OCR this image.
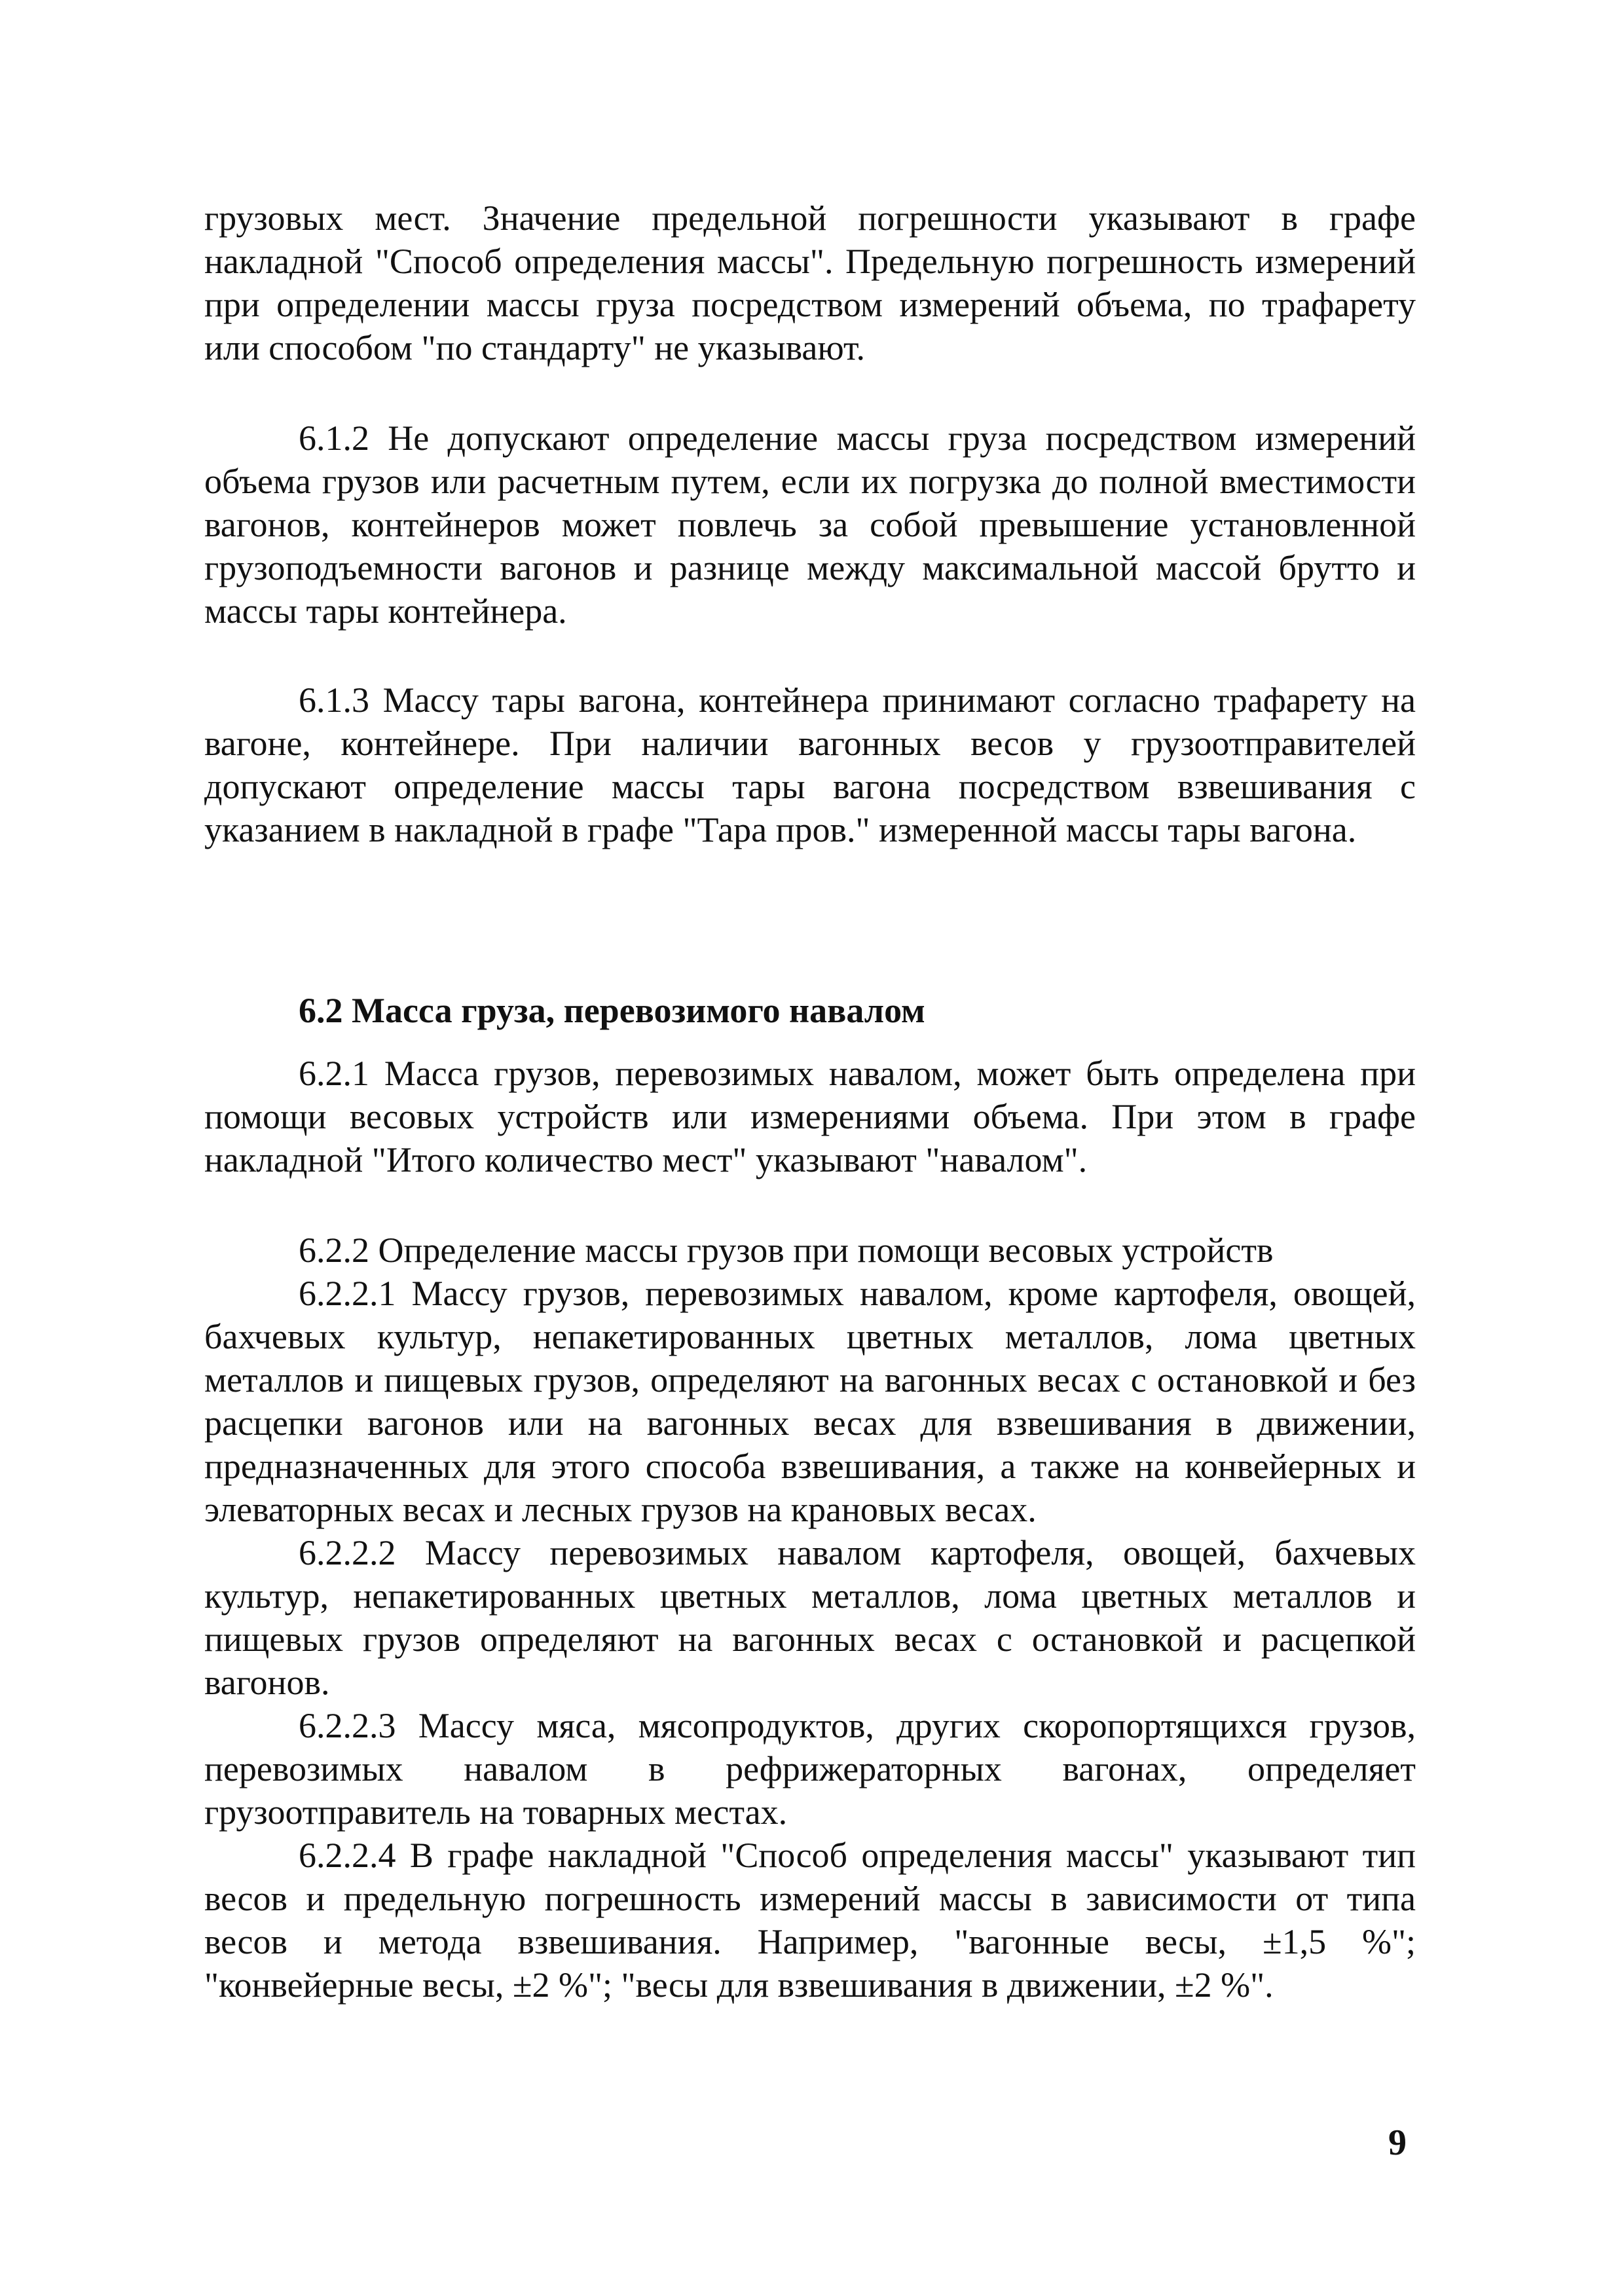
грузовых мест. Значение предельной погрешности указывают в графе накладной "Способ определения массы". Предельную погрешность измерений при определении массы груза посредством измерений объема, по трафарету или способом "по стандарту" не указывают.

6.1.2 Не допускают определение массы груза посредством измерений объема грузов или расчетным путем, если их погрузка до полной вместимости вагонов, контейнеров может повлечь за собой превышение установленной грузоподъемности вагонов и разнице между максимальной массой брутто и массы тары контейнера.

6.1.3 Массу тары вагона, контейнера принимают согласно трафарету на вагоне, контейнере. При наличии вагонных весов у грузоотправителей допускают определение массы тары вагона посредством взвешивания с указанием в накладной в графе "Тара пров." измеренной массы тары вагона.

6.2 Масса груза, перевозимого навалом

6.2.1 Масса грузов, перевозимых навалом, может быть определена при помощи весовых устройств или измерениями объема. При этом в графе накладной "Итого количество мест" указывают "навалом".

6.2.2 Определение массы грузов при помощи весовых устройств

6.2.2.1 Массу грузов, перевозимых навалом, кроме картофеля, овощей, бахчевых культур, непакетированных цветных металлов, лома цветных металлов и пищевых грузов, определяют на вагонных весах с остановкой и без расцепки вагонов или на вагонных весах для взвешивания в движении, предназначенных для этого способа взвешивания, а также на конвейерных и элеваторных весах и лесных грузов на крановых весах.

6.2.2.2 Массу перевозимых навалом картофеля, овощей, бахчевых культур, непакетированных цветных металлов, лома цветных металлов и пищевых грузов определяют на вагонных весах с остановкой и расцепкой вагонов.

6.2.2.3 Массу мяса, мясопродуктов, других скоропортящихся грузов, перевозимых навалом в рефрижераторных вагонах, определяет грузоотправитель на товарных местах.

6.2.2.4 В графе накладной "Способ определения массы" указывают тип весов и предельную погрешность измерений массы в зависимости от типа весов и метода взвешивания. Например, "вагонные весы, ±1,5 %"; "конвейерные весы, ±2 %"; "весы для взвешивания в движении, ±2 %".

9
